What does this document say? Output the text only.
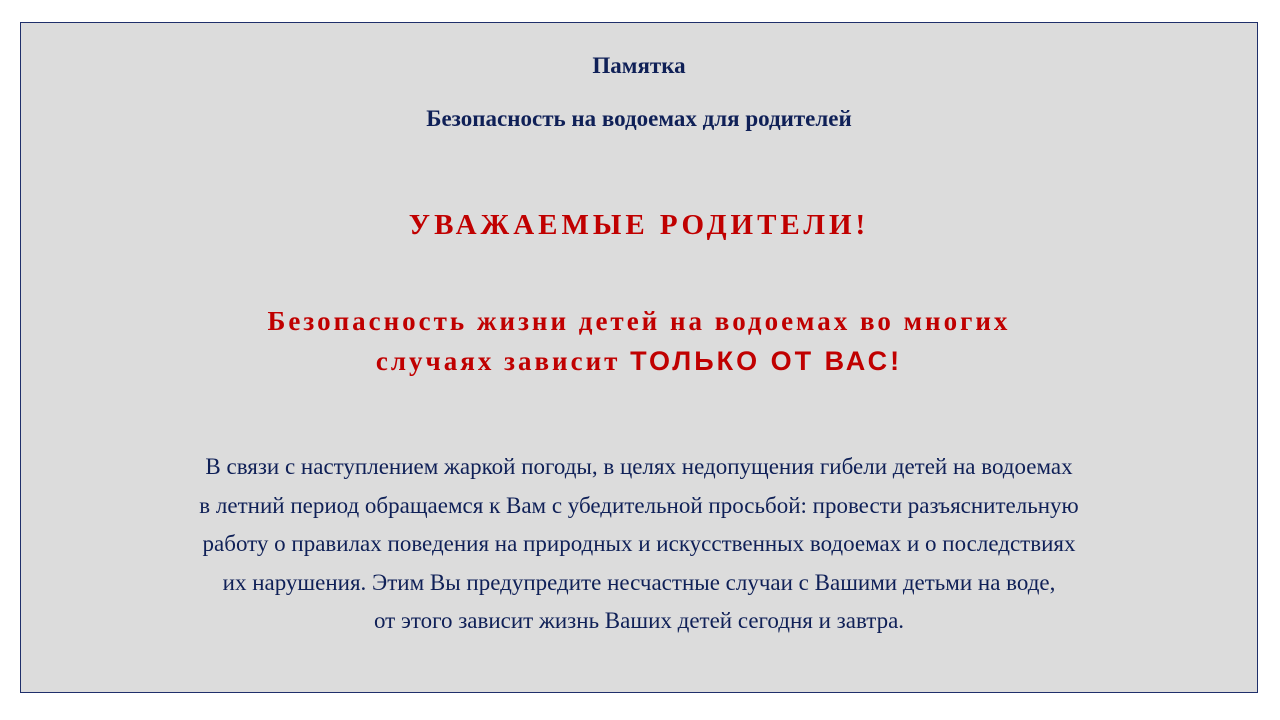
Памятка

Безопасность на водоемах для родителей

УВАЖАЕМЫЕ РОДИТЕЛИ!

Безопасность жизни детей на водоемах во многих
случаях зависит ТОЛЬКО ОТ ВАС!

В связи с наступлением жаркой погоды, в целях недопущения гибели детей на водоемах
в летний период обращаемся к Вам с убедительной просьбой: провести разъяснительную
работу о правилах поведения на природных и искусственных водоемах и о последствиях
их нарушения. Этим Вы предупредите несчастные случаи с Вашими детьми на воде,
от этого зависит жизнь Ваших детей сегодня и завтра.
